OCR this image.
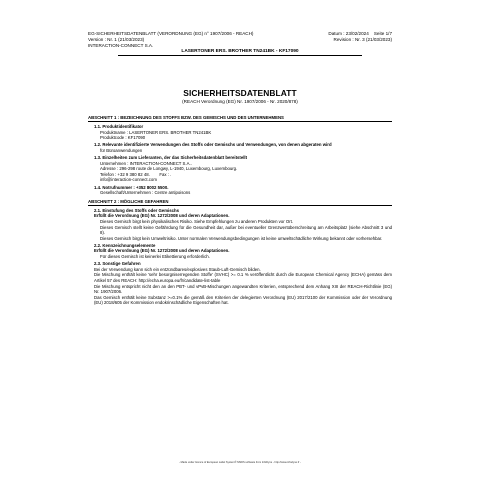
EG-SICHERHEITSDATENBLATT (VERORDNUNG (EG) n° 1907/2006 - REACH)
Version : Nr. 1 (21/03/2023)
INTERACTION-CONNECT S.A.
Datum : 23/02/2024    Seite 1/7
Revision : Nr. 3 (21/03/2023)
LASERTONER ERS. BROTHER TN241BK - KF17090
SICHERHEITSDATENBLATT
(REACH Verordnung (EG) Nr. 1907/2006 - Nr. 2020/878)
ABSCHNITT 1 : BEZEICHNUNG DES STOFFS BZW. DES GEMISCHS UND DES UNTERNEHMENS
1.1. Produktidentifikator
Produktname : LASERTONER ERS. BROTHER TN241BK
Produktcode : KF17090
1.2. Relevante identifizierte Verwendungen des Stoffs oder Gemischs und Verwendungen, von denen abgeraten wird
für Büroanwendungen
1.3. Einzelheiten zum Lieferanten, der das Sicherheitsdatenblatt bereitstellt
Unternehmen : INTERACTION-CONNECT S.A..
Adresse : 296-298 route de Longwy, L-1940, Luxembourg, Luxembourg.
Telefon : +32 9 380 82 48.        Fax : .
info@interaction-connect.com
1.4. Notrufnummer : +352 8002 5500.
Gesellschaft/Unternehmen : Centre antipoisons
ABSCHNITT 2 : MÖGLICHE GEFAHREN
2.1. Einstufung des Stoffs oder Gemischs
Erfüllt die Verordnung (EG) Nr. 1272/2008 und deren Adaptationen.
Dieses Gemisch birgt kein physikalisches Risiko. Siehe Empfehlungen zu anderen Produkten vor Ort.
Dieses Gemisch stellt keine Gefährdung für die Gesundheit dar, außer bei eventueller Grenzwertüberschreitung am Arbeitsplatz (siehe Abschnitt 3 und 8).
Dieses Gemisch birgt kein Umweltrisiko. Unter normalen Verwendungsbedingungen ist keine umweltschädliche Wirkung bekannt oder vorhersehbar.
2.2. Kennzeichnungselemente
Erfüllt die Verordnung (EG) Nr. 1272/2008 und deren Adaptationen.
Für dieses Gemisch ist keinerlei Etikettierung erforderlich.
2.3. Sonstige Gefahren
Bei der Verwendung kann sich ein entzündbares/explosives Staub-Luft-Gemisch bilden.
Die Mischung enthält keine 'sehr besorgniserregenden Stoffe' (SVHC) >= 0.1 % veröffentlicht durch die European Chemical Agency (ECHA) gemäss dem Artikel 57 des REACH: http://echa.europa.eu/fr/candidate-list-table
Die Mischung entspricht nicht den an den PBT- und vPvB-Mischungen angewandten Kriterien, entsprechend dem Anhang XIII der REACH-Richtlinie (EG) Nr. 1907/2006.
Das Gemisch enthält keine Substanz >=0.1% die gemäß den Kriterien der delegierten Verordnung (EU) 2017/2100 der Kommission oder der Verordnung (EU) 2018/605 der Kommission endokrinschädliche Eigenschaften hat.
- Made under licence of European Label System® MSDS software from InfoDyne - http://www.infodyne.fr -
